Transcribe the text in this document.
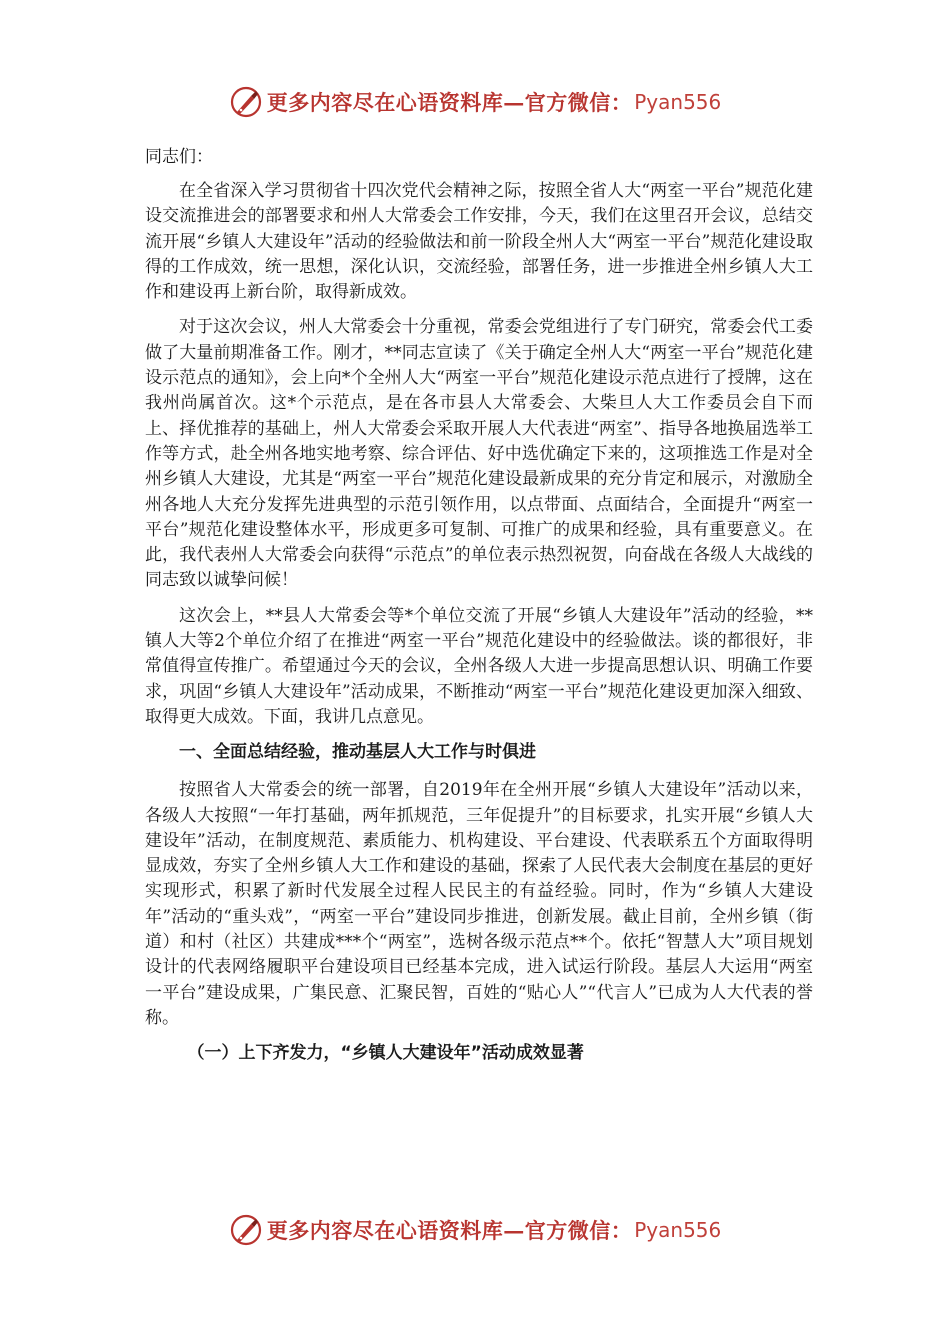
更多内容尽在心语资料库—官方微信： Pyan556

同志们：

在全省深入学习贯彻省十四次党代会精神之际，按照全省人大“两室一平台”规范化建设交流推进会的部署要求和州人大常委会工作安排，今天，我们在这里召开会议，总结交流开展“乡镇人大建设年”活动的经验做法和前一阶段全州人大“两室一平台”规范化建设取得的工作成效，统一思想，深化认识，交流经验，部署任务，进一步推进全州乡镇人大工作和建设再上新台阶，取得新成效。

对于这次会议，州人大常委会十分重视，常委会党组进行了专门研究，常委会代工委做了大量前期准备工作。刚才，**同志宣读了《关于确定全州人大“两室一平台”规范化建设示范点的通知》，会上向*个全州人大“两室一平台”规范化建设示范点进行了授牌，这在我州尚属首次。这*个示范点，是在各市县人大常委会、大柴旦人大工作委员会自下而上、择优推荐的基础上，州人大常委会采取开展人大代表进“两室”、指导各地换届选举工作等方式，赴全州各地实地考察、综合评估、好中选优确定下来的，这项推选工作是对全州乡镇人大建设，尤其是“两室一平台”规范化建设最新成果的充分肯定和展示，对激励全州各地人大充分发挥先进典型的示范引领作用，以点带面、点面结合，全面提升“两室一平台”规范化建设整体水平，形成更多可复制、可推广的成果和经验，具有重要意义。在此，我代表州人大常委会向获得“示范点”的单位表示热烈祝贺，向奋战在各级人大战线的同志致以诚挚问候！

这次会上，**县人大常委会等*个单位交流了开展“乡镇人大建设年”活动的经验，**镇人大等2个单位介绍了在推进“两室一平台”规范化建设中的经验做法。谈的都很好，非常值得宣传推广。希望通过今天的会议，全州各级人大进一步提高思想认识、明确工作要求，巩固“乡镇人大建设年”活动成果，不断推动“两室一平台”规范化建设更加深入细致、取得更大成效。下面，我讲几点意见。

一、全面总结经验，推动基层人大工作与时俱进

按照省人大常委会的统一部署，自2019年在全州开展“乡镇人大建设年”活动以来，各级人大按照“一年打基础，两年抓规范，三年促提升”的目标要求，扎实开展“乡镇人大建设年”活动，在制度规范、素质能力、机构建设、平台建设、代表联系五个方面取得明显成效，夯实了全州乡镇人大工作和建设的基础，探索了人民代表大会制度在基层的更好实现形式，积累了新时代发展全过程人民民主的有益经验。同时，作为“乡镇人大建设年”活动的“重头戏”，“两室一平台”建设同步推进，创新发展。截止目前，全州乡镇（街道）和村（社区）共建成***个“两室”，选树各级示范点**个。依托“智慧人大”项目规划设计的代表网络履职平台建设项目已经基本完成，进入试运行阶段。基层人大运用“两室一平台”建设成果，广集民意、汇聚民智，百姓的“贴心人”“代言人”已成为人大代表的誉称。

（一）上下齐发力，“乡镇人大建设年”活动成效显著

更多内容尽在心语资料库—官方微信： Pyan556
